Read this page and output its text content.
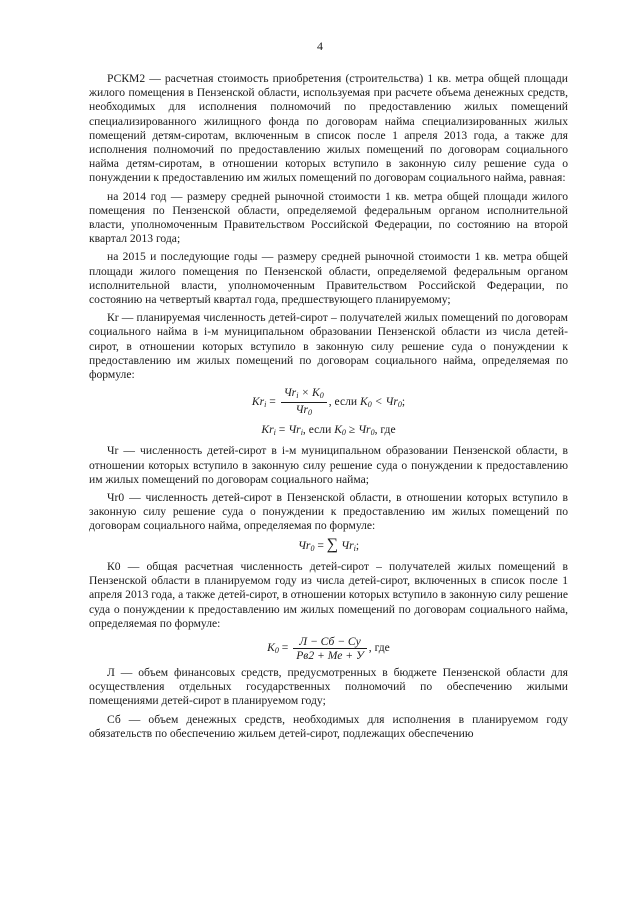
4

РСКМ2 — расчетная стоимость приобретения (строительства) 1 кв. метра общей площади жилого помещения в Пензенской области, используемая при расчете объема денежных средств, необходимых для исполнения полномочий по предоставлению жилых помещений специализированного жилищного фонда по договорам найма специализированных жилых помещений детям-сиротам, включенным в список после 1 апреля 2013 года, а также для исполнения полномочий по предоставлению жилых помещений по договорам социального найма детям-сиротам, в отношении которых вступило в законную силу решение суда о понуждении к предоставлению им жилых помещений по договорам социального найма, равная:

на 2014 год — размеру средней рыночной стоимости 1 кв. метра общей площади жилого помещения по Пензенской области, определяемой федеральным органом исполнительной власти, уполномоченным Правительством Российской Федерации, по состоянию на второй квартал 2013 года;

на 2015 и последующие годы — размеру средней рыночной стоимости 1 кв. метра общей площади жилого помещения по Пензенской области, определяемой федеральным органом исполнительной власти, уполномоченным Правительством Российской Федерации, по состоянию на четвертый квартал года, предшествующего планируемому;

Кr — планируемая численность детей-сирот – получателей жилых помещений по договорам социального найма в i-м муниципальном образовании Пензенской области из числа детей-сирот, в отношении которых вступило в законную силу решение суда о понуждении к предоставлению им жилых помещений по договорам социального найма, определяемая по формуле:

$Кr_i = \frac{Чr_i \times К_0}{Чr_0}$ , если $К_0 < Чr_0$;
$Кr_i = Чr_i$, если $К_0 \ge Чr_0$, где

Чr — численность детей-сирот в i-м муниципальном образовании Пензенской области, в отношении которых вступило в законную силу решение суда о понуждении к предоставлению им жилых помещений по договорам социального найма;

Чr0 — численность детей-сирот в Пензенской области, в отношении которых вступило в законную силу решение суда о понуждении к предоставлению им жилых помещений по договорам социального найма, определяемая по формуле:

$Чr_0$ = ∑ $Чr_i$;

К0 — общая расчетная численность детей-сирот – получателей жилых помещений в Пензенской области в планируемом году из числа детей-сирот, включенных в список после 1 апреля 2013 года, а также детей-сирот, в отношении которых вступило в законную силу решение суда о понуждении к предоставлению им жилых помещений по договорам социального найма, определяемая по формуле:

$К_0 = \frac{Л - Сб - Су}{Рв2 + Ме + У}$ , где

Л — объем финансовых средств, предусмотренных в бюджете Пензенской области для осуществления отдельных государственных полномочий по обеспечению жилыми помещениями детей-сирот в планируемом году;

Сб — объем денежных средств, необходимых для исполнения в планируемом году обязательств по обеспечению жильем детей-сирот, подлежащих обеспечению
